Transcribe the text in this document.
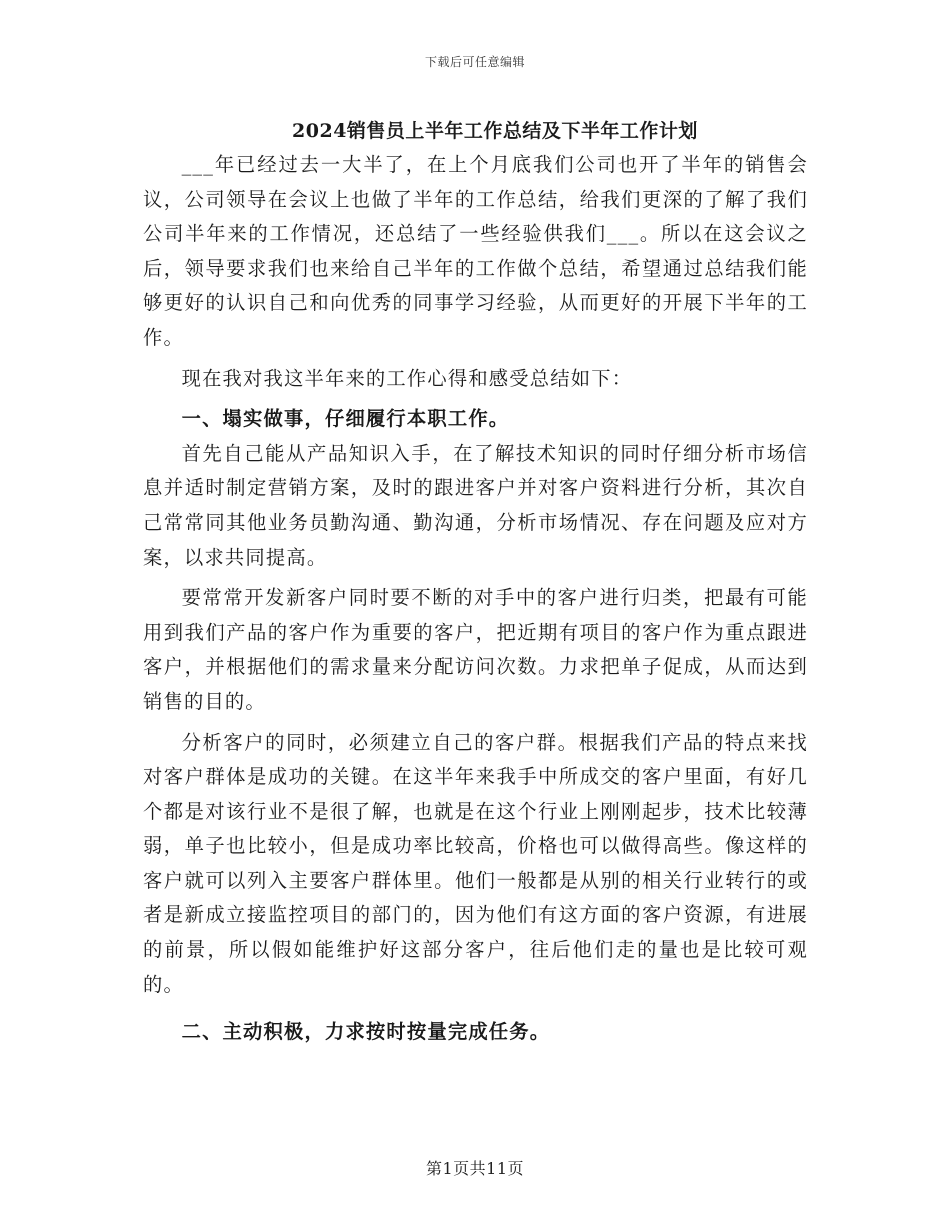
下载后可任意编辑
2024销售员上半年工作总结及下半年工作计划

___年已经过去一大半了，在上个月底我们公司也开了半年的销售会议，公司领导在会议上也做了半年的工作总结，给我们更深的了解了我们公司半年来的工作情况，还总结了一些经验供我们___。所以在这会议之后，领导要求我们也来给自己半年的工作做个总结，希望通过总结我们能够更好的认识自己和向优秀的同事学习经验，从而更好的开展下半年的工作。

现在我对我这半年来的工作心得和感受总结如下：

一、塌实做事，仔细履行本职工作。

首先自己能从产品知识入手，在了解技术知识的同时仔细分析市场信息并适时制定营销方案，及时的跟进客户并对客户资料进行分析，其次自己常常同其他业务员勤沟通、勤沟通，分析市场情况、存在问题及应对方案，以求共同提高。

要常常开发新客户同时要不断的对手中的客户进行归类，把最有可能用到我们产品的客户作为重要的客户，把近期有项目的客户作为重点跟进客户，并根据他们的需求量来分配访问次数。力求把单子促成，从而达到销售的目的。

分析客户的同时，必须建立自己的客户群。根据我们产品的特点来找对客户群体是成功的关键。在这半年来我手中所成交的客户里面，有好几个都是对该行业不是很了解，也就是在这个行业上刚刚起步，技术比较薄弱，单子也比较小，但是成功率比较高，价格也可以做得高些。像这样的客户就可以列入主要客户群体里。他们一般都是从别的相关行业转行的或者是新成立接监控项目的部门的，因为他们有这方面的客户资源，有进展的前景，所以假如能维护好这部分客户，往后他们走的量也是比较可观的。

二、主动积极，力求按时按量完成任务。
第1页共11页
